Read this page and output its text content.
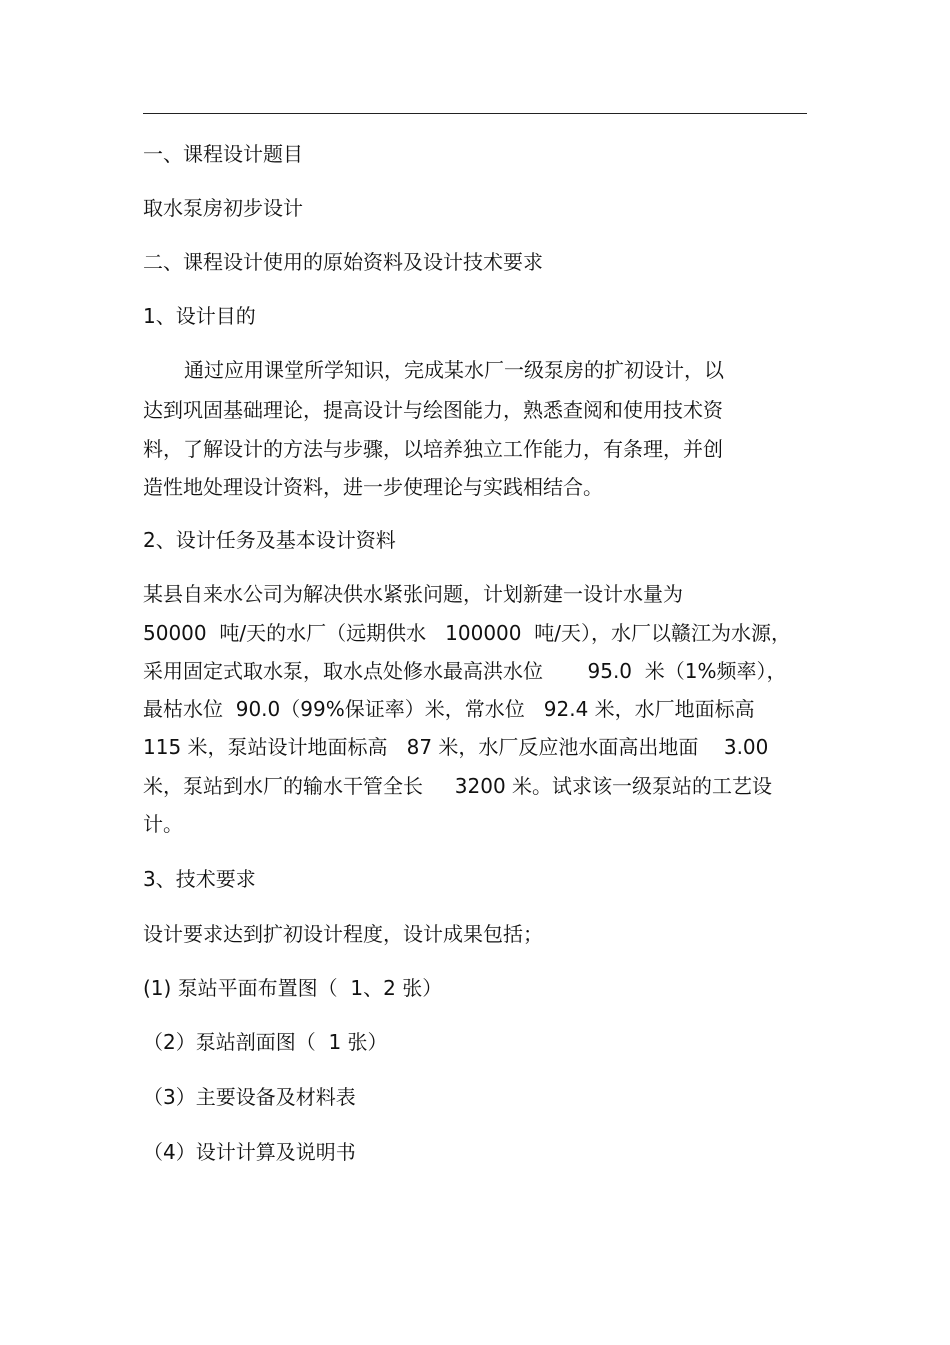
一、课程设计题目
取水泵房初步设计
二、课程设计使用的原始资料及设计技术要求
1、设计目的
通过应用课堂所学知识，完成某水厂一级泵房的扩初设计，以
达到巩固基础理论，提高设计与绘图能力，熟悉查阅和使用技术资
料，了解设计的方法与步骤，以培养独立工作能力，有条理，并创
造性地处理设计资料，进一步使理论与实践相结合。
2、设计任务及基本设计资料
某县自来水公司为解决供水紧张问题，计划新建一设计水量为
50000  吨/天的水厂（远期供水   100000  吨/天），水厂以赣江为水源，
采用固定式取水泵，取水点处修水最高洪水位       95.0  米（1%频率），
最枯水位  90.0（99%保证率）米，常水位   92.4 米，水厂地面标高
115 米，泵站设计地面标高   87 米，水厂反应池水面高出地面    3.00
米，泵站到水厂的输水干管全长     3200 米。试求该一级泵站的工艺设
计。
3、技术要求
设计要求达到扩初设计程度，设计成果包括；
(1) 泵站平面布置图（  1、2 张）
（2）泵站剖面图（  1 张）
（3）主要设备及材料表
（4）设计计算及说明书
